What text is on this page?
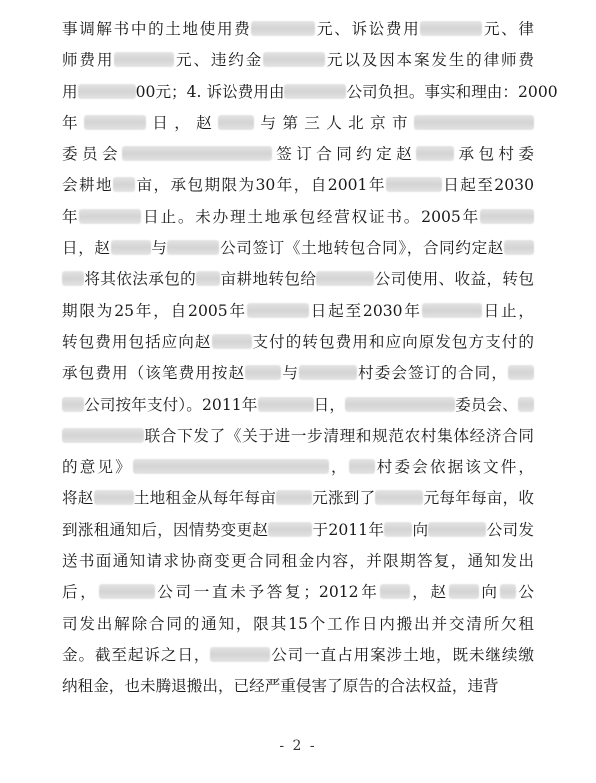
事调解书中的土地使用费	元、诉讼费用	元、律
师费用	元、违约金	元以及因本案发生的律师费
用	00元；4. 诉讼费用由	公司负担。事实和理由：2000
年	日，赵 与第三人北京市
委员会	签订合同约定赵 承包村委
会耕地 亩，承包期限为30年，自2001年	日起至2030
年	日止。未办理土地承包经营权证书。2005年
日，赵	与	公司签订《土地转包合同》，合同约定赵
将其依法承包的 亩耕地转包给	公司使用、收益，转包
期限为25年，自2005年	日起至2030年	日止，
转包费用包括应向赵	支付的转包费用和应向原发包方支付的
承包费用（该笔费用按赵 与	村委会签订的合同，
公司按年支付）。2011年	日，	委员会、
联合下发了《关于进一步清理和规范农村集体经济合同
的意见》	， 村委会依据该文件，
将赵	土地租金从每年每亩 元涨到了	元每年每亩，收
到涨租通知后，因情势变更赵	于2011年 向	公司发
送书面通知请求协商变更合同租金内容，并限期答复，通知发出
后，	公司一直未予答复；2012年 ，赵 向 公
司发出解除合同的通知，限其15个工作日内搬出并交清所欠租
金。截至起诉之日，	公司一直占用案涉土地，既未继续缴
纳租金，也未腾退搬出，已经严重侵害了原告的合法权益，违背
- 2 -
